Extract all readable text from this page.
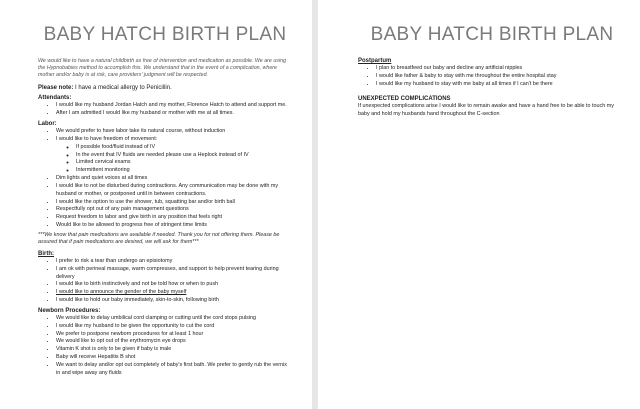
BABY HATCH BIRTH PLAN

We would like to have a natural childbirth as free of intervention and medication as possible. We are using the Hypnobabies method to accomplish this. We understand that in the event of a complication, where mother and/or baby is at risk, care providers' judgment will be respected.

Please note: I have a medical allergy to Penicillin.

Attendants:
• I would like my husband Jordan Hatch and my mother, Florence Hatch to attend and support me.
• After I am admitted I would like my husband or mother with me at all times.
Labor:
• We would prefer to have labor take its natural course, without induction
• I would like to have freedom of movement:
◦ If possible food/fluid instead of IV
◦ In the event that IV fluids are needed please use a Heplock instead of IV
◦ Limited cervical exams
◦ Intermittent monitoring
• Dim lights and quiet voices at all times
• I would like to not be disturbed during contractions. Any communication may be done with my husband or mother, or postponed until in between contractions.
• I would like the option to use the shower, tub, squatting bar and/or birth ball
• Respectfully opt out of any pain management questions
• Request freedom to labor and give birth in any position that feels right
• Would like to be allowed to progress free of stringent time limits

***We know that pain medications are available if needed. Thank you for not offering them. Please be assured that if pain medications are desired, we will ask for them***

Birth:
• I prefer to risk a tear than undergo an episiotomy
• I am ok with perineal massage, warm compresses, and support to help prevent tearing during delivery
• I would like to birth instinctively and not be told how or when to push
• I would like to announce the gender of the baby myself
• I would like to hold our baby immediately, skin-to-skin, following birth
Newborn Procedures:
• We would like to delay umbilical cord clamping or cutting until the cord stops pulsing
• I would like my husband to be given the opportunity to cut the cord
• We prefer to postpone newborn procedures for at least 1 hour
• We would like to opt out of the erythromycin eye drops
• Vitamin K shot is only to be given if baby is male
• Baby will receive Hepatitis B shot
• We want to delay and/or opt out completely of baby's first bath. We prefer to gently rub the vernix in and wipe away any fluids
BABY HATCH BIRTH PLAN
Postpartum
• I plan to breastfeed our baby and decline any artificial nipples
• I would like father & baby to stay with me throughout the entire hospital stay
• I would like my husband to stay with me baby at all times if I can't be there
UNEXPECTED COMPLICATIONS

If unexpected complications arise I would like to remain awake and have a hand free to be able to touch my baby and hold my husbands hand throughout the C-section
